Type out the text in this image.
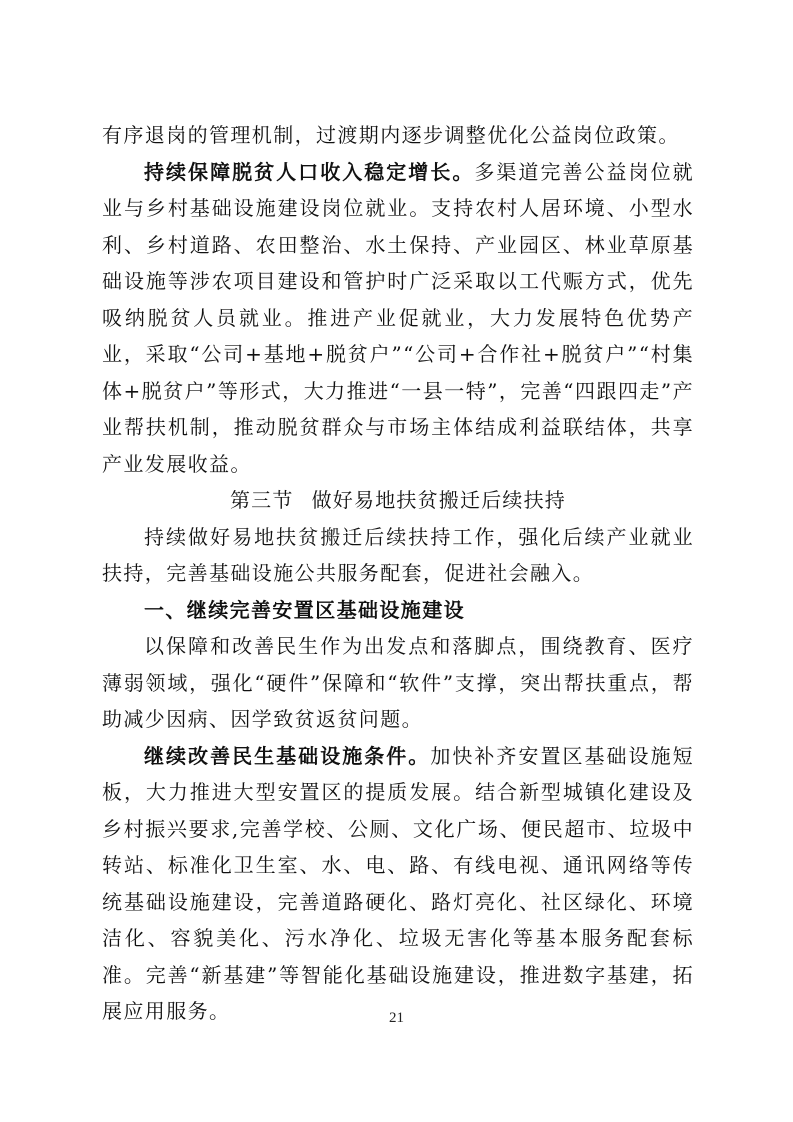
有序退岗的管理机制，过渡期内逐步调整优化公益岗位政策。

持续保障脱贫人口收入稳定增长。多渠道完善公益岗位就业与乡村基础设施建设岗位就业。支持农村人居环境、小型水利、乡村道路、农田整治、水土保持、产业园区、林业草原基础设施等涉农项目建设和管护时广泛采取以工代赈方式，优先吸纳脱贫人员就业。推进产业促就业，大力发展特色优势产业，采取“公司+基地+脱贫户”“公司+合作社+脱贫户”“村集体+脱贫户”等形式，大力推进“一县一特”，完善“四跟四走”产业帮扶机制，推动脱贫群众与市场主体结成利益联结体，共享产业发展收益。

第三节 做好易地扶贫搬迁后续扶持

持续做好易地扶贫搬迁后续扶持工作，强化后续产业就业扶持，完善基础设施公共服务配套，促进社会融入。

一、继续完善安置区基础设施建设

以保障和改善民生作为出发点和落脚点，围绕教育、医疗薄弱领域，强化“硬件”保障和“软件”支撑，突出帮扶重点，帮助减少因病、因学致贫返贫问题。

继续改善民生基础设施条件。加快补齐安置区基础设施短板，大力推进大型安置区的提质发展。结合新型城镇化建设及乡村振兴要求,完善学校、公厕、文化广场、便民超市、垃圾中转站、标准化卫生室、水、电、路、有线电视、通讯网络等传统基础设施建设，完善道路硬化、路灯亮化、社区绿化、环境洁化、容貌美化、污水净化、垃圾无害化等基本服务配套标准。完善“新基建”等智能化基础设施建设，推进数字基建，拓展应用服务。	21
